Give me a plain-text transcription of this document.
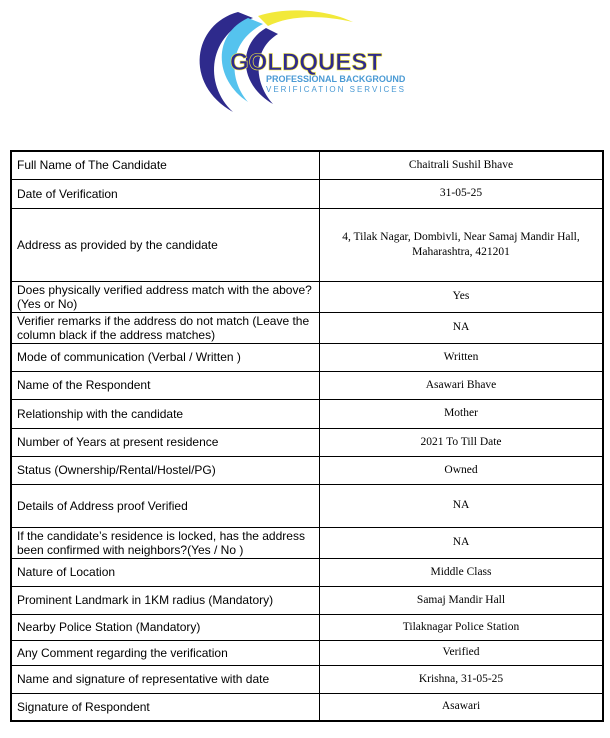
GOLDQUEST
PROFESSIONAL BACKGROUND
VERIFICATION SERVICES
Full Name of The Candidate	Chaitrali Sushil Bhave
Date of Verification	31-05-25
Address as provided by the candidate	4, Tilak Nagar, Dombivli, Near Samaj Mandir Hall, Maharashtra, 421201
Does physically verified address match with the above? (Yes or No)	Yes
Verifier remarks if the address do not match (Leave the column black if the address matches)	NA
Mode of communication (Verbal / Written )	Written
Name of the Respondent	Asawari Bhave
Relationship with the candidate	Mother
Number of Years at present residence	2021 To Till Date
Status (Ownership/Rental/Hostel/PG)	Owned
Details of Address proof Verified	NA
If the candidate’s residence is locked, has the address been confirmed with neighbors?(Yes / No )	NA
Nature of Location	Middle Class
Prominent Landmark in 1KM radius (Mandatory)	Samaj Mandir Hall
Nearby Police Station (Mandatory)	Tilaknagar Police Station
Any Comment regarding the verification	Verified
Name and signature of representative with date	Krishna, 31-05-25
Signature of Respondent	Asawari
